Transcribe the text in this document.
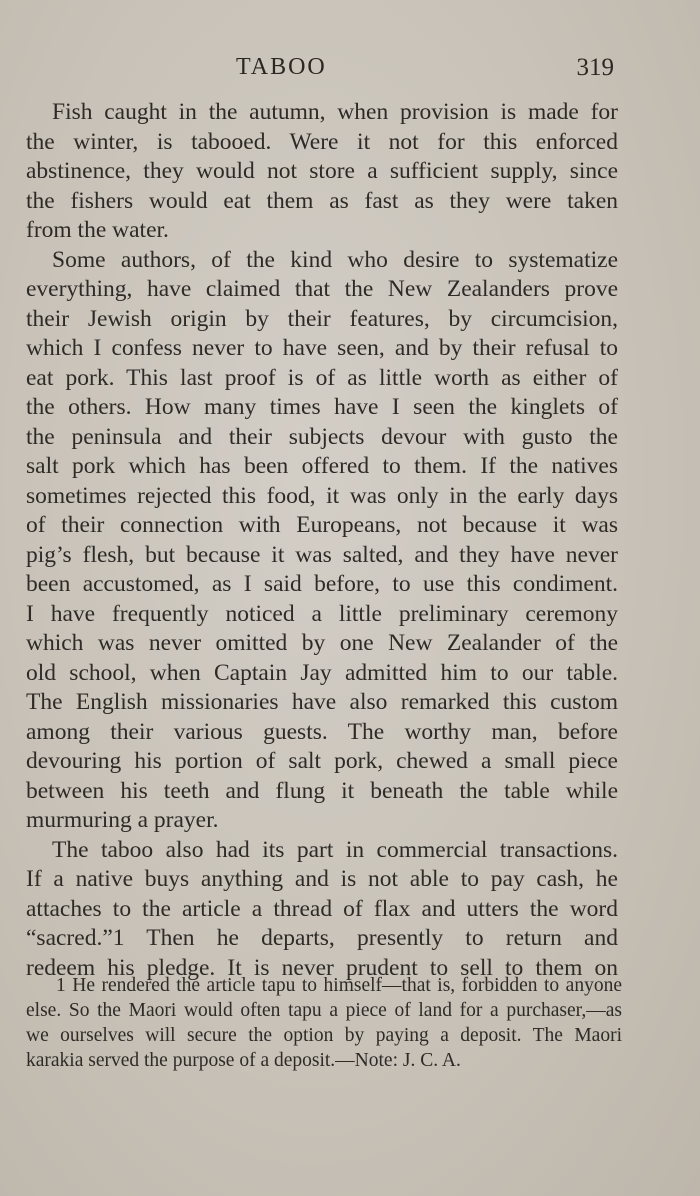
TABOO	319
Fish caught in the autumn, when provision is made for
the winter, is tabooed. Were it not for this enforced
abstinence, they would not store a sufficient supply, since
the fishers would eat them as fast as they were taken
from the water.
Some authors, of the kind who desire to systematize
everything, have claimed that the New Zealanders prove
their Jewish origin by their features, by circumcision,
which I confess never to have seen, and by their refusal to
eat pork. This last proof is of as little worth as either of
the others. How many times have I seen the kinglets of
the peninsula and their subjects devour with gusto the
salt pork which has been offered to them. If the natives
sometimes rejected this food, it was only in the early days
of their connection with Europeans, not because it was
pig’s flesh, but because it was salted, and they have never
been accustomed, as I said before, to use this condiment.
I have frequently noticed a little preliminary ceremony
which was never omitted by one New Zealander of the
old school, when Captain Jay admitted him to our table.
The English missionaries have also remarked this custom
among their various guests. The worthy man, before
devouring his portion of salt pork, chewed a small piece
between his teeth and flung it beneath the table while
murmuring a prayer.
The taboo also had its part in commercial transactions.
If a native buys anything and is not able to pay cash, he
attaches to the article a thread of flax and utters the word
“sacred.”1 Then he departs, presently to return and
redeem his pledge. It is never prudent to sell to them on
1 He rendered the article tapu to himself—that is, forbidden to anyone
else. So the Maori would often tapu a piece of land for a purchaser,—as
we ourselves will secure the option by paying a deposit. The Maori
karakia served the purpose of a deposit.—Note: J. C. A.
